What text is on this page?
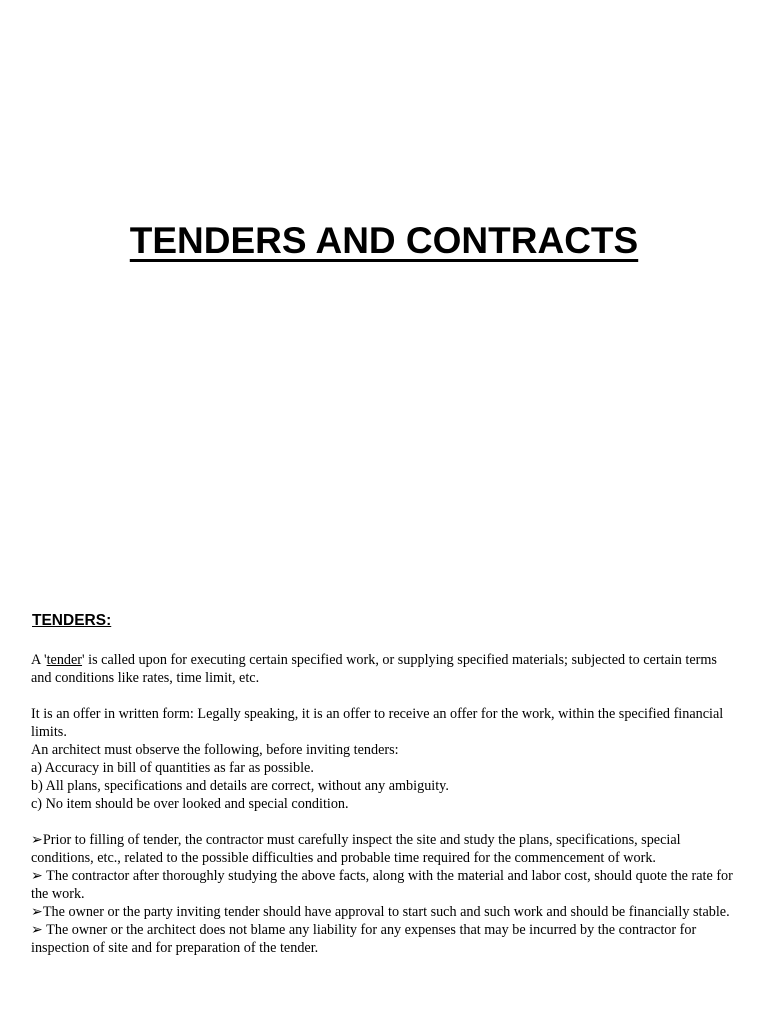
TENDERS AND CONTRACTS
TENDERS:

A 'tender' is called upon for executing certain specified work, or supplying specified materials; subjected to certain terms and conditions like rates, time limit, etc.

It is an offer in written form: Legally speaking, it is an offer to receive an offer for the work, within the specified financial limits.

An architect must observe the following, before inviting tenders:

a) Accuracy in bill of quantities as far as possible.

b) All plans, specifications and details are correct, without any ambiguity.

c) No item should be over looked and special condition.

➢Prior to filling of tender, the contractor must carefully inspect the site and study the plans, specifications, special conditions, etc., related to the possible difficulties and probable time required for the commencement of work.

➢ The contractor after thoroughly studying the above facts, along with the material and labor cost, should quote the rate for the work.

➢The owner or the party inviting tender should have approval to start such and such work and should be financially stable.

➢ The owner or the architect does not blame any liability for any expenses that may be incurred by the contractor for inspection of site and for preparation of the tender.
